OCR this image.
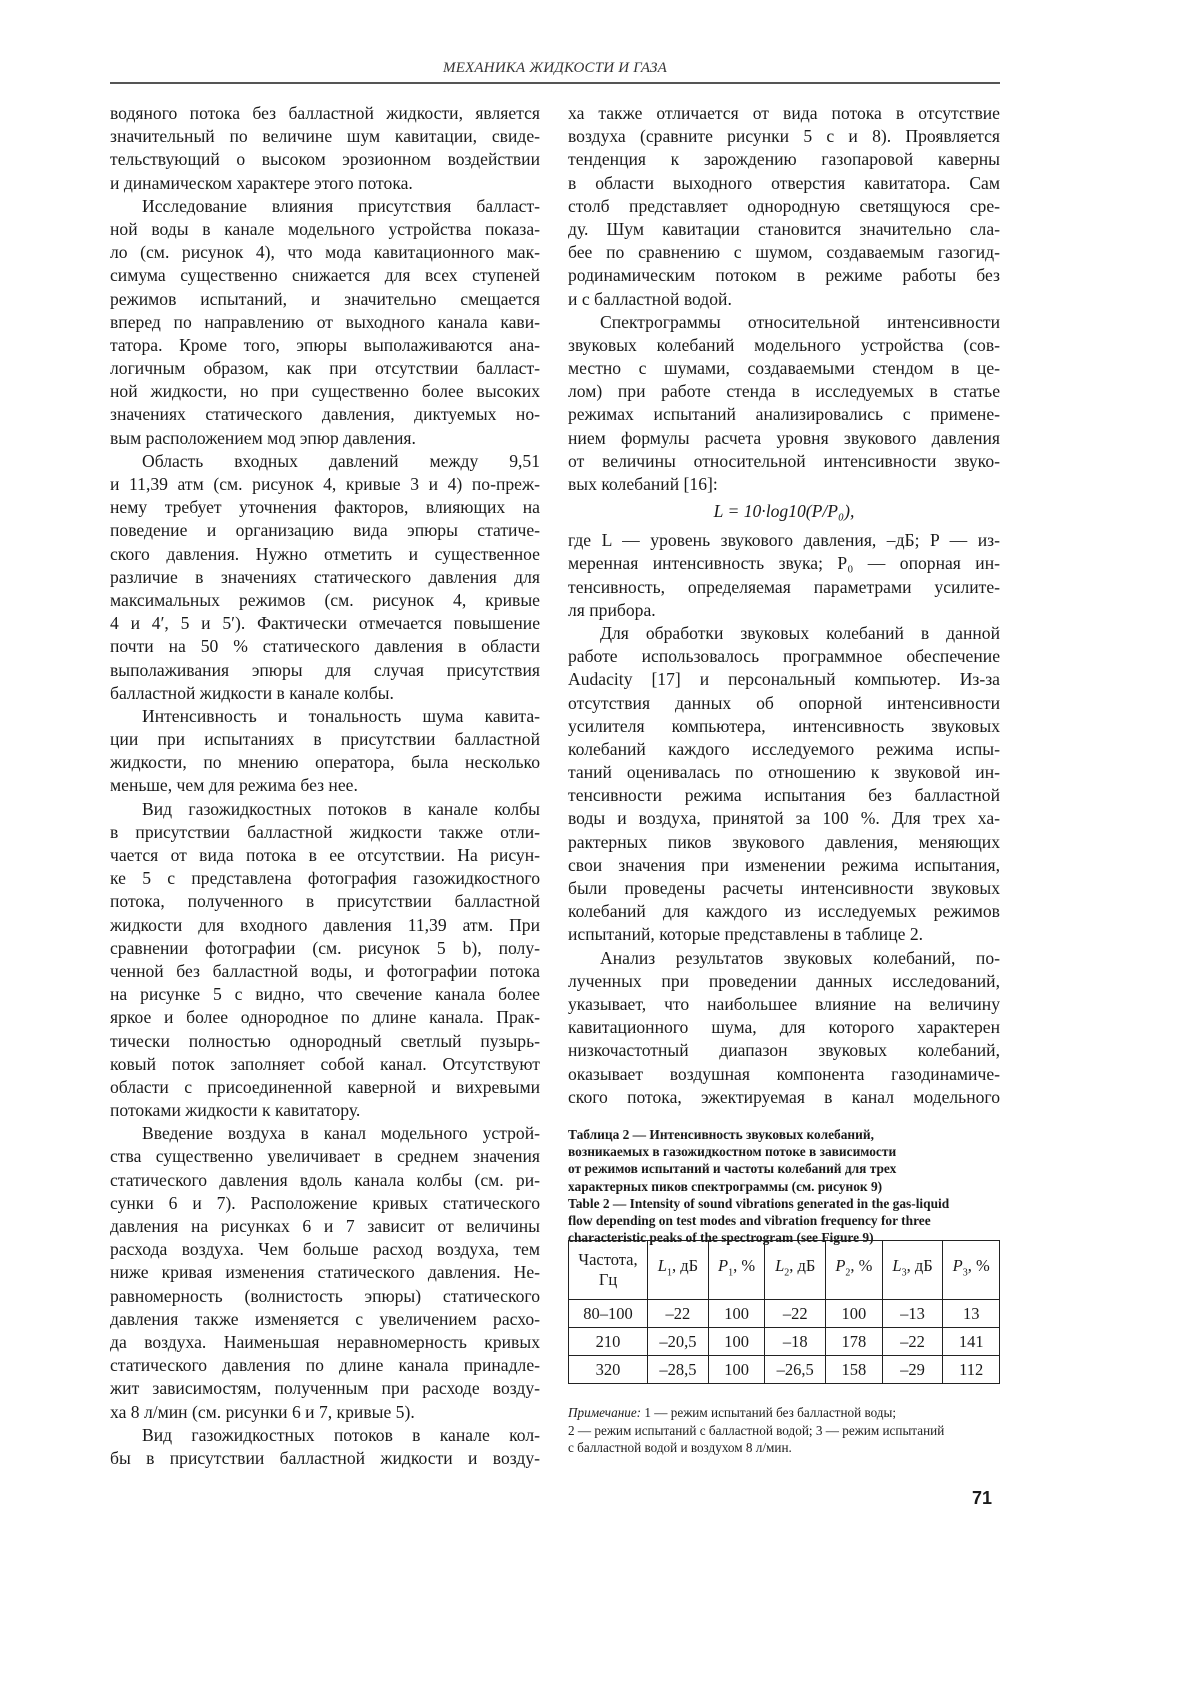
МЕХАНИКА ЖИДКОСТИ И ГАЗА
водяного потока без балластной жидкости, является
значительный по величине шум кавитации, свиде-
тельствующий о высоком эрозионном воздействии
и динамическом характере этого потока.
Исследование влияния присутствия баллаcт-
ной воды в канале модельного устройства показа-
ло (см. рисунок 4), что мода кавитационного мак-
симума существенно снижается для всех ступеней
режимов испытаний, и значительно смещается
вперед по направлению от выходного канала кави-
татора. Кроме того, эпюры выполаживаются ана-
логичным образом, как при отсутствии балласт-
ной жидкости, но при существенно более высоких
значениях статического давления, диктуемых но-
вым расположением мод эпюр давления.
Область входных давлений между 9,51
и 11,39 атм (см. рисунок 4, кривые 3 и 4) по-преж-
нему требует уточнения факторов, влияющих на
поведение и организацию вида эпюры статиче-
ского давления. Нужно отметить и существенное
различие в значениях статического давления для
максимальных режимов (см. рисунок 4, кривые
4 и 4′, 5 и 5′). Фактически отмечается повышение
почти на 50 % статического давления в области
выполаживания эпюры для случая присутствия
балластной жидкости в канале колбы.
Интенсивность и тональность шума кавита-
ции при испытаниях в присутствии балластной
жидкости, по мнению оператора, была несколько
меньше, чем для режима без нее.
Вид газожидкостных потоков в канале колбы
в присутствии балластной жидкости также отли-
чается от вида потока в ее отсутствии. На рисун-
ке 5 c представлена фотография газожидкостного
потока, полученного в присутствии балластной
жидкости для входного давления 11,39 атм. При
сравнении фотографии (см. рисунок 5 b), полу-
ченной без балластной воды, и фотографии потока
на рисунке 5 c видно, что свечение канала более
яркое и более однородное по длине канала. Прак-
тически полностью однородный светлый пузырь-
ковый поток заполняет собой канал. Отсутствуют
области с присоединенной каверной и вихревыми
потоками жидкости к кавитатору.
Введение воздуха в канал модельного устрой-
ства существенно увеличивает в среднем значения
статического давления вдоль канала колбы (см. ри-
сунки 6 и 7). Расположение кривых статического
давления на рисунках 6 и 7 зависит от величины
расхода воздуха. Чем больше расход воздуха, тем
ниже кривая изменения статического давления. Не-
равномерность (волнистость эпюры) статического
давления также изменяется с увеличением расхо-
да воздуха. Наименьшая неравномерность кривых
статического давления по длине канала принадле-
жит зависимостям, полученным при расходе возду-
ха 8 л/мин (см. рисунки 6 и 7, кривые 5).
Вид газожидкостных потоков в канале кол-
бы в присутствии балластной жидкости и возду-
ха также отличается от вида потока в отсутствие
воздуха (сравните рисунки 5 c и 8). Проявляется
тенденция к зарождению газопаровой каверны
в области выходного отверстия кавитатора. Сам
столб представляет однородную светящуюся сре-
ду. Шум кавитации становится значительно сла-
бее по сравнению с шумом, создаваемым газогид-
родинамическим потоком в режиме работы без
и с балластной водой.
Спектрограммы относительной интенсивности
звуковых колебаний модельного устройства (сов-
местно с шумами, создаваемыми стендом в це-
лом) при работе стенда в исследуемых в статье
режимах испытаний анализировались с примене-
нием формулы расчета уровня звукового давления
от величины относительной интенсивности звуко-
вых колебаний [16]:
L = 10·log10(P/P₀),
где L — уровень звукового давления, –дБ; P — из-
меренная интенсивность звука; P₀ — опорная ин-
тенсивность, определяемая параметрами усилите-
ля прибора.
Для обработки звуковых колебаний в данной
работе использовалось программное обеспечение
Audacity [17] и персональный компьютер. Из-за
отсутствия данных об опорной интенсивности
усилителя компьютера, интенсивность звуковых
колебаний каждого исследуемого режима испы-
таний оценивалась по отношению к звуковой ин-
тенсивности режима испытания без балластной
воды и воздуха, принятой за 100 %. Для трех ха-
рактерных пиков звукового давления, меняющих
свои значения при изменении режима испытания,
были проведены расчеты интенсивности звуковых
колебаний для каждого из исследуемых режимов
испытаний, которые представлены в таблице 2.
Анализ результатов звуковых колебаний, по-
лученных при проведении данных исследований,
указывает, что наибольшее влияние на величину
кавитационного шума, для которого характерен
низкочастотный диапазон звуковых колебаний,
оказывает воздушная компонента газодинамиче-
ского потока, эжектируемая в канал модельного
Таблица 2 — Интенсивность звуковых колебаний,
возникаемых в газожидкостном потоке в зависимости
от режимов испытаний и частоты колебаний для трех
характерных пиков спектрограммы (см. рисунок 9)
Table 2 — Intensity of sound vibrations generated in the gas-liquid
flow depending on test modes and vibration frequency for three
characteristic peaks of the spectrogram (see Figure 9)
Частота, Гц	L1, дБ	P1, %	L2, дБ	P2, %	L3, дБ	P3, %
80–100	–22	100	–22	100	–13	13
210	–20,5	100	–18	178	–22	141
320	–28,5	100	–26,5	158	–29	112
Примечание: 1 — режим испытаний без балластной воды;
2 — режим испытаний с балластной водой; 3 — режим испытаний
с балластной водой и воздухом 8 л/мин.
71
